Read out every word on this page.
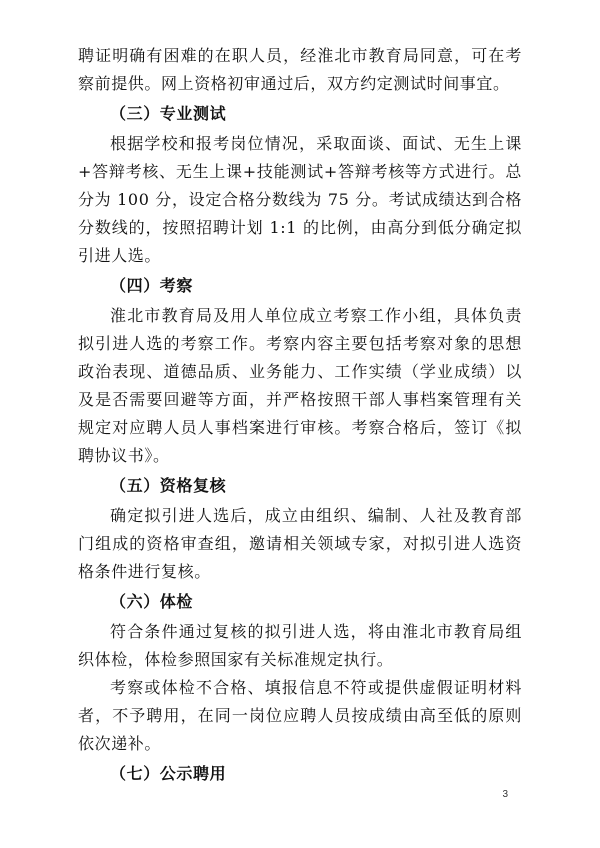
聘证明确有困难的在职人员，经淮北市教育局同意，可在考察前提供。网上资格初审通过后，双方约定测试时间事宜。

（三）专业测试

根据学校和报考岗位情况，采取面谈、面试、无生上课+答辩考核、无生上课+技能测试+答辩考核等方式进行。总分为 100 分，设定合格分数线为 75 分。考试成绩达到合格分数线的，按照招聘计划 1:1 的比例，由高分到低分确定拟引进人选。

（四）考察

淮北市教育局及用人单位成立考察工作小组，具体负责拟引进人选的考察工作。考察内容主要包括考察对象的思想政治表现、道德品质、业务能力、工作实绩（学业成绩）以及是否需要回避等方面，并严格按照干部人事档案管理有关规定对应聘人员人事档案进行审核。考察合格后，签订《拟聘协议书》。

（五）资格复核

确定拟引进人选后，成立由组织、编制、人社及教育部门组成的资格审查组，邀请相关领域专家，对拟引进人选资格条件进行复核。

（六）体检

符合条件通过复核的拟引进人选，将由淮北市教育局组织体检，体检参照国家有关标准规定执行。

考察或体检不合格、填报信息不符或提供虚假证明材料者，不予聘用，在同一岗位应聘人员按成绩由高至低的原则依次递补。

（七）公示聘用

3
